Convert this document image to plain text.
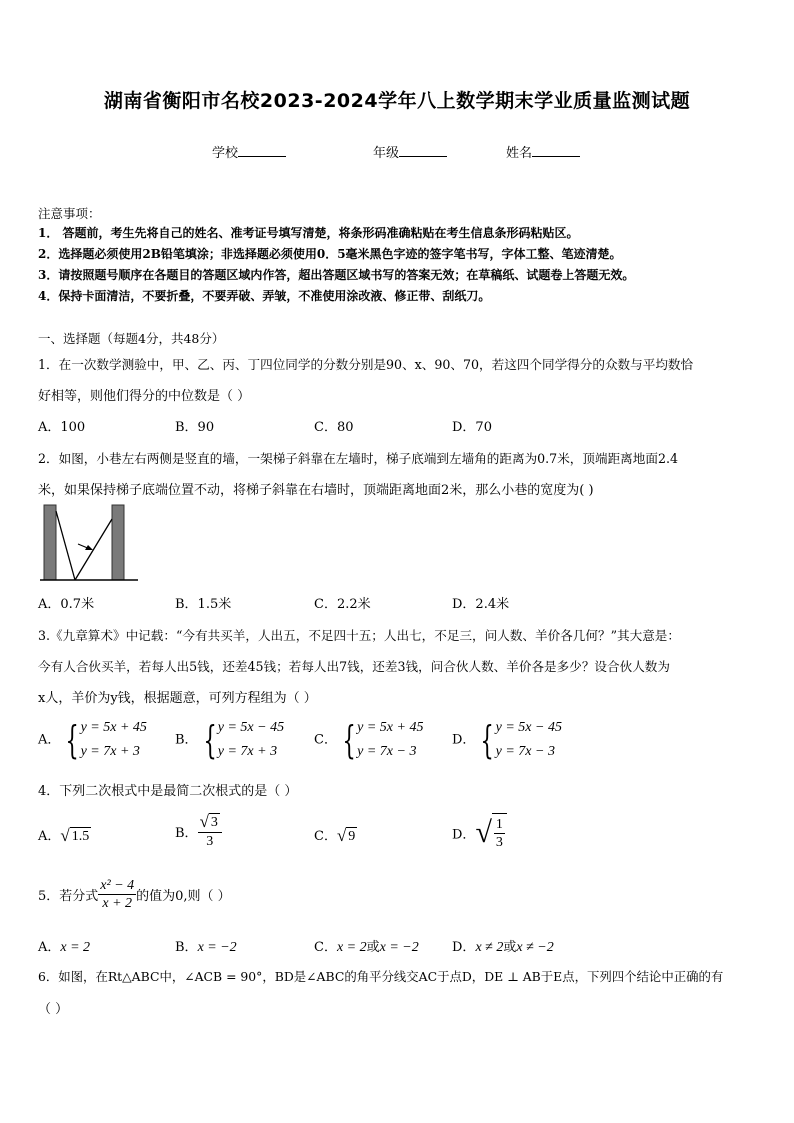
湖南省衡阳市名校2023-2024学年八上数学期末学业质量监测试题
学校	年级	姓名
注意事项：
1． 答题前，考生先将自己的姓名、准考证号填写清楚，将条形码准确粘贴在考生信息条形码粘贴区。
2．选择题必须使用2B铅笔填涂；非选择题必须使用0．5毫米黑色字迹的签字笔书写，字体工整、笔迹清楚。
3．请按照题号顺序在各题目的答题区域内作答，超出答题区域书写的答案无效；在草稿纸、试题卷上答题无效。
4．保持卡面清洁，不要折叠，不要弄破、弄皱，不准使用涂改液、修正带、刮纸刀。
一、选择题（每题4分，共48分）
1．在一次数学测验中，甲、乙、丙、丁四位同学的分数分别是90、x、90、70，若这四个同学得分的众数与平均数恰
好相等，则他们得分的中位数是（ ）
A．100	B．90	C．80	D．70
2．如图，小巷左右两侧是竖直的墙，一架梯子斜靠在左墙时，梯子底端到左墙角的距离为0.7米，顶端距离地面2.4
米，如果保持梯子底端位置不动，将梯子斜靠在右墙时，顶端距离地面2米，那么小巷的宽度为( )
A．0.7米	B．1.5米	C．2.2米	D．2.4米
3.《九章算术》中记载：“今有共买羊，人出五，不足四十五；人出七，不足三，问人数、羊价各几何？”其大意是：
今有人合伙买羊，若每人出5钱，还差45钱；若每人出7钱，还差3钱，问合伙人数、羊价各是多少？设合伙人数为
x人，羊价为y钱，根据题意，可列方程组为（ ）
A． { y = 5x + 45
y = 7x + 3
B． { y = 5x − 45
y = 7x + 3
C． { y = 5x + 45
y = 7x − 3
D． { y = 5x − 45
y = 7x − 3
4．下列二次根式中是最简二次根式的是（ ）
A． √ 1.5	B． $\frac{√ 3}{3}$	C． √ 9	D． √ $\frac{1}{3}$
5．若分式 $\frac{\text{x² − 4}}{x + 2}$ 的值为0,则（ ）
A．x = 2	B．x = −2	C．x = 2或x = −2	D．x ≠ 2或x ≠ −2
6．如图，在Rt△ABC中，∠ACB = 90°，BD是∠ABC的角平分线交AC于点D，DE ⊥ AB于E点，下列四个结论中正确的有
（ ）
